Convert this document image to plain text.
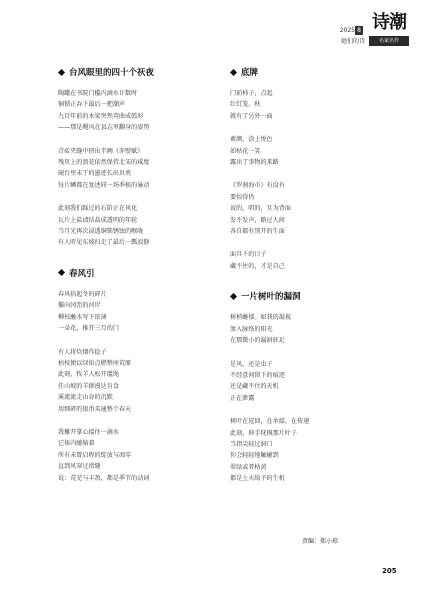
2025 8
她们的诗
诗潮
名家名作
台风眼里的四十个祆夜
陶罐在书院门槛内滴水计数时
铜锁正吞下最后一把潮声
九百年前的木梁突然弯曲成弧形
——那是飓风在县志里翻身的姿势
青砖夹缝中挤出半阙《赤壁赋》
残页上的浪花依然保持北宋的咸度
砚台里未干的墨迹长出贝类
每片鳞都在复述同一场季候的暴动
此刻我们踩过的石阶正在风化
瓦片上盐渍结晶成透明的年轮
当月光再次浸透铜锁锈蚀的喉咙
有人听见东坡扫走了最后一瓢寂静
春风引
春风拾起冬的碎片
攥向冈峦的河岸
柳枝蘸水写下诳薄
一朵花，推开三月的门
有人将炊烟作捻子
枯枝便以绿焰点燃整座荒原
此刻，牧羊人松开缰绳
任山坡的羊群漫达肯食
溪流流走山谷的沉默
用细碎的银币买通整个春天
我摊开掌心接住一滴水
它体内蜷缩着
所有未曾启程的绽放与凋零
直到风穿过指缝
说：荒芜与丰盈，都是季节的动词
底牌
门前柿子，点起
红灯笼。秋
就有了另外一面
素颜，涂上悦色
如枯花一笑
露出了事物的来路
《罗刹海市》有没有
要惊得仍
说的，唱的，互为背面
发不发声，路过人间
各自都有别开的生面
面具下的日子
藏不住的，才是自己
一片树叶的漏洞
树梢蘸郁。如我的凝视
渗入脉络的阳光
在那微小的漏洞驻足
是风，还是虫子
不经意间留下的痕迹
还是藏不住的天机
正在泄露
树叶在返回，在承接，在传递
此刻，伸手抚摸那片叶子
当指尖轻过洞口
你会轻轻地触碰到
翠绿或者枯黄
都是上天给予的生机
责编：郑小琼
205
